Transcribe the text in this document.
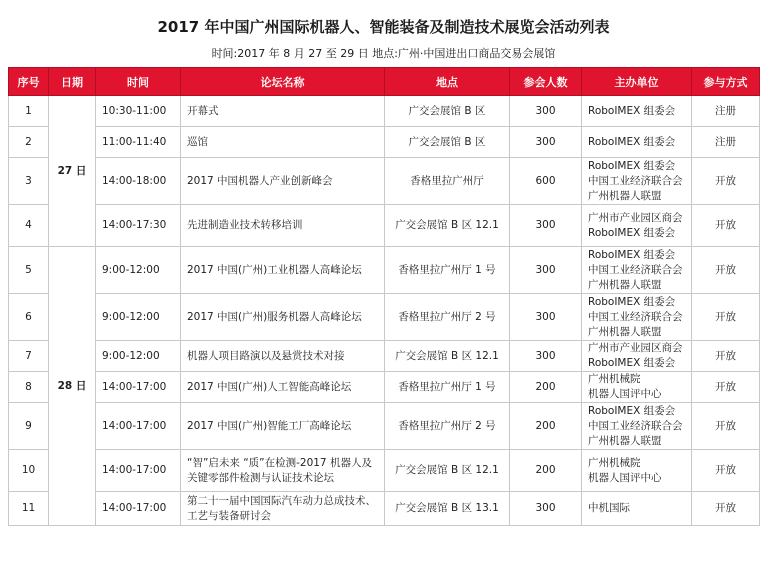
2017 年中国广州国际机器人、智能装备及制造技术展览会活动列表
时间:2017 年 8 月 27 至 29 日 地点:广州·中国进出口商品交易会展馆
序号	日期	时间	论坛名称	地点	参会人数	主办单位	参与方式
1	27 日	10:30-11:00	开幕式	广交会展馆 B 区	300	RoboIMEX 组委会	注册
2		11:00-11:40	巡馆	广交会展馆 B 区	300	RoboIMEX 组委会	注册
3		14:00-18:00	2017 中国机器人产业创新峰会	香格里拉广州厅	600	RoboIMEX 组委会
中国工业经济联合会
广州机器人联盟	开放
4		14:00-17:30	先进制造业技术转移培训	广交会展馆 B 区 12.1	300	广州市产业园区商会
RoboIMEX 组委会	开放
5	28 日	9:00-12:00	2017 中国(广州)工业机器人高峰论坛	香格里拉广州厅 1 号	300	RoboIMEX 组委会
中国工业经济联合会
广州机器人联盟	开放
6		9:00-12:00	2017 中国(广州)服务机器人高峰论坛	香格里拉广州厅 2 号	300	RoboIMEX 组委会
中国工业经济联合会
广州机器人联盟	开放
7		9:00-12:00	机器人项目路演以及悬赏技术对接	广交会展馆 B 区 12.1	300	广州市产业园区商会
RoboIMEX 组委会	开放
8		14:00-17:00	2017 中国(广州)人工智能高峰论坛	香格里拉广州厅 1 号	200	广州机械院
机器人国评中心	开放
9		14:00-17:00	2017 中国(广州)智能工厂高峰论坛	香格里拉广州厅 2 号	200	RoboIMEX 组委会
中国工业经济联合会
广州机器人联盟	开放
10		14:00-17:00	“智”启未来 “质”在检测-2017 机器人及关键零部件检测与认证技术论坛	广交会展馆 B 区 12.1	200	广州机械院
机器人国评中心	开放
11		14:00-17:00	第二十一届中国国际汽车动力总成技术、工艺与装备研讨会	广交会展馆 B 区 13.1	300	中机国际	开放
